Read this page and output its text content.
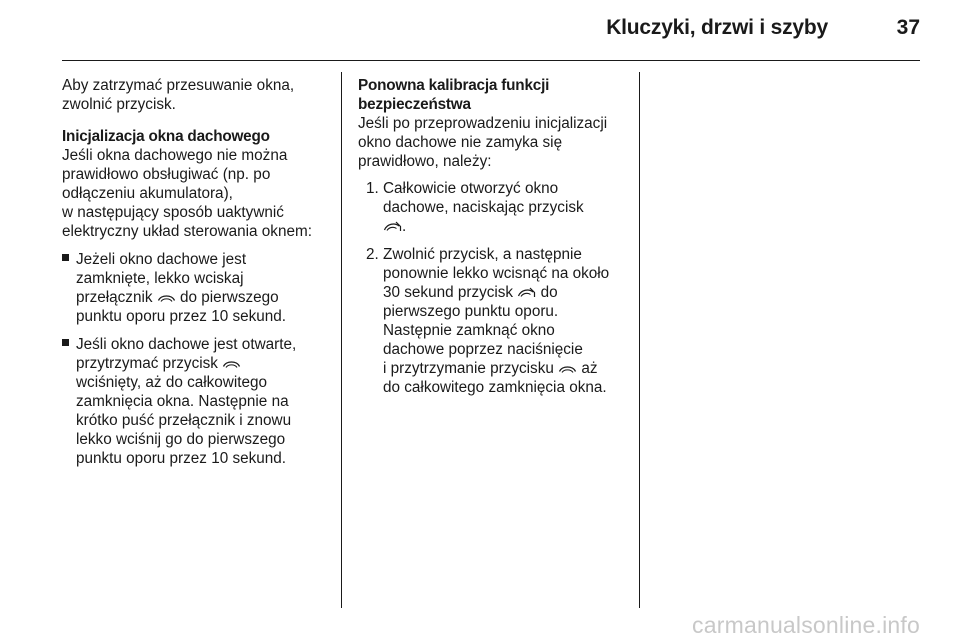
Kluczyki, drzwi i szyby	37

Aby zatrzymać przesuwanie okna,
zwolnić przycisk.

Inicjalizacja okna dachowego

Jeśli okna dachowego nie można
prawidłowo obsługiwać (np. po
odłączeniu akumulatora),
w następujący sposób uaktywnić
elektryczny układ sterowania oknem:

Jeżeli okno dachowe jest
zamknięte, lekko wciskaj
przełącznik do pierwszego
punktu oporu przez 10 sekund.
Jeśli okno dachowe jest otwarte,
przytrzymać przycisk

wciśnięty, aż do całkowitego
zamknięcia okna. Następnie na
krótko puść przełącznik i znowu
lekko wciśnij go do pierwszego
punktu oporu przez 10 sekund.

Ponowna kalibracja funkcji
bezpieczeństwa

Jeśli po przeprowadzeniu inicjalizacji
okno dachowe nie zamyka się
prawidłowo, należy:

1. Całkowicie otworzyć okno
dachowe, naciskając przycisk

.
2. Zwolnić przycisk, a następnie
ponownie lekko wcisnąć na około
30 sekund przycisk do
pierwszego punktu oporu.
Następnie zamknąć okno
dachowe poprzez naciśnięcie
i przytrzymanie przycisku aż
do całkowitego zamknięcia okna.
carmanualsonline.info
